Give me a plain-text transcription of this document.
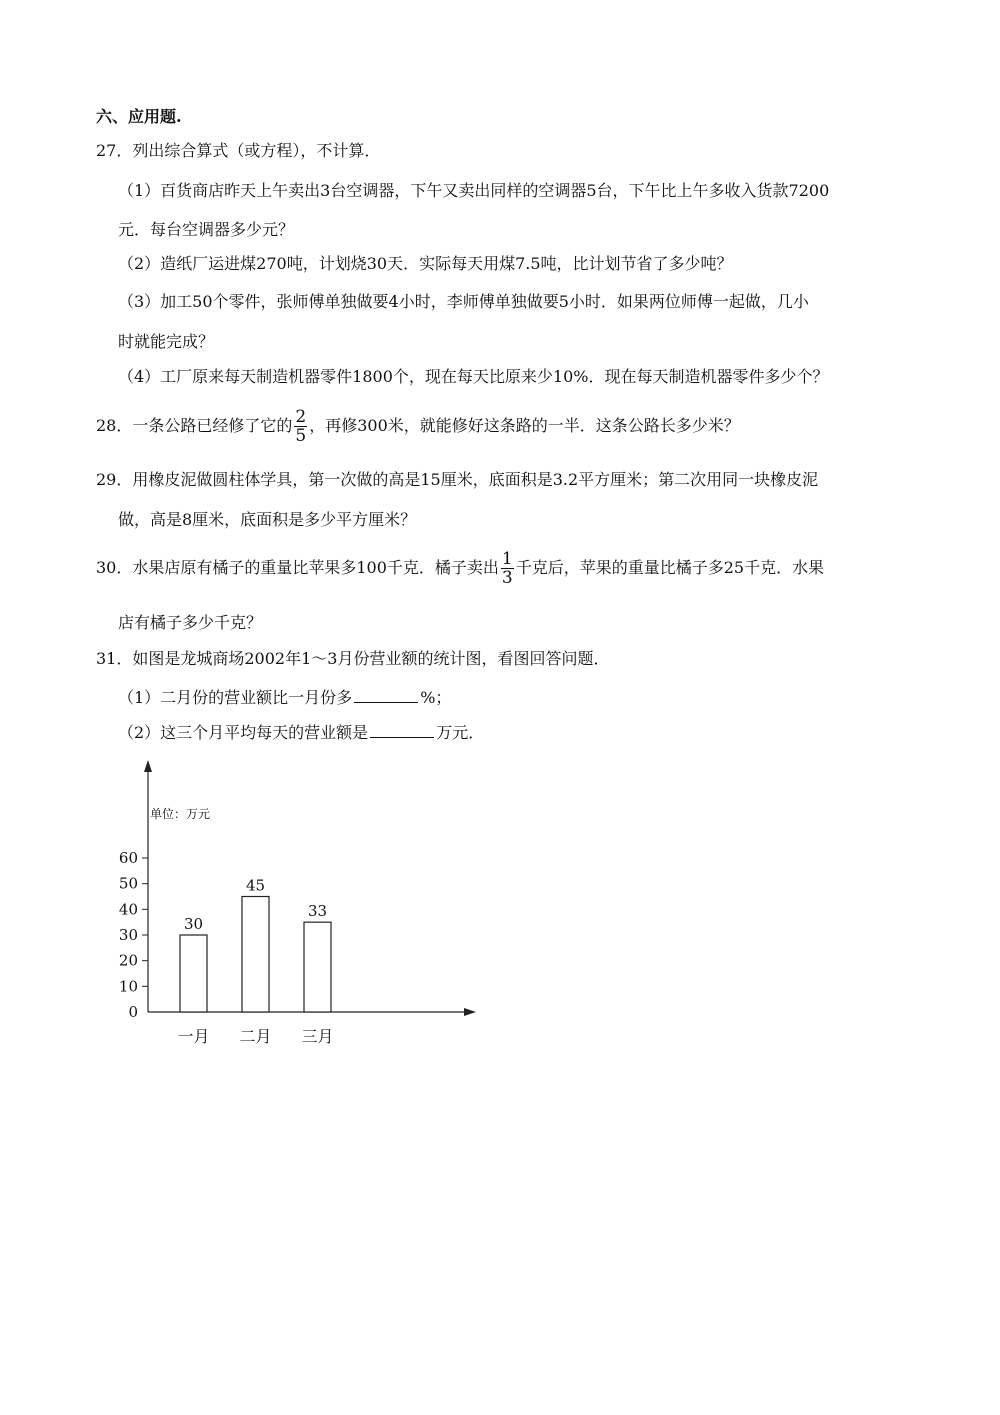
六、应用题.
27．列出综合算式（或方程），不计算．
（1）百货商店昨天上午卖出3台空调器，下午又卖出同样的空调器5台，下午比上午多收入货款7200
元．每台空调器多少元？
（2）造纸厂运进煤270吨，计划烧30天．实际每天用煤7.5吨，比计划节省了多少吨？
（3）加工50个零件，张师傅单独做要4小时，李师傅单独做要5小时．如果两位师傅一起做，几小
时就能完成？
（4）工厂原来每天制造机器零件1800个，现在每天比原来少10%．现在每天制造机器零件多少个？
28．一条公路已经修了它的 $\frac{2}{5}$ ，再修300米，就能修好这条路的一半．这条公路长多少米？
29．用橡皮泥做圆柱体学具，第一次做的高是15厘米，底面积是3.2平方厘米；第二次用同一块橡皮泥
做，高是8厘米，底面积是多少平方厘米？
30．水果店原有橘子的重量比苹果多100千克．橘子卖出 $\frac{1}{3}$ 千克后，苹果的重量比橘子多25千克．水果
店有橘子多少千克？
31．如图是龙城商场2002年1～3月份营业额的统计图，看图回答问题．
（1）二月份的营业额比一月份多	%；
（2）这三个月平均每天的营业额是	万元．
单位：万元
0
10
20
30
40
50
60
30
一月
45
二月
33
三月
